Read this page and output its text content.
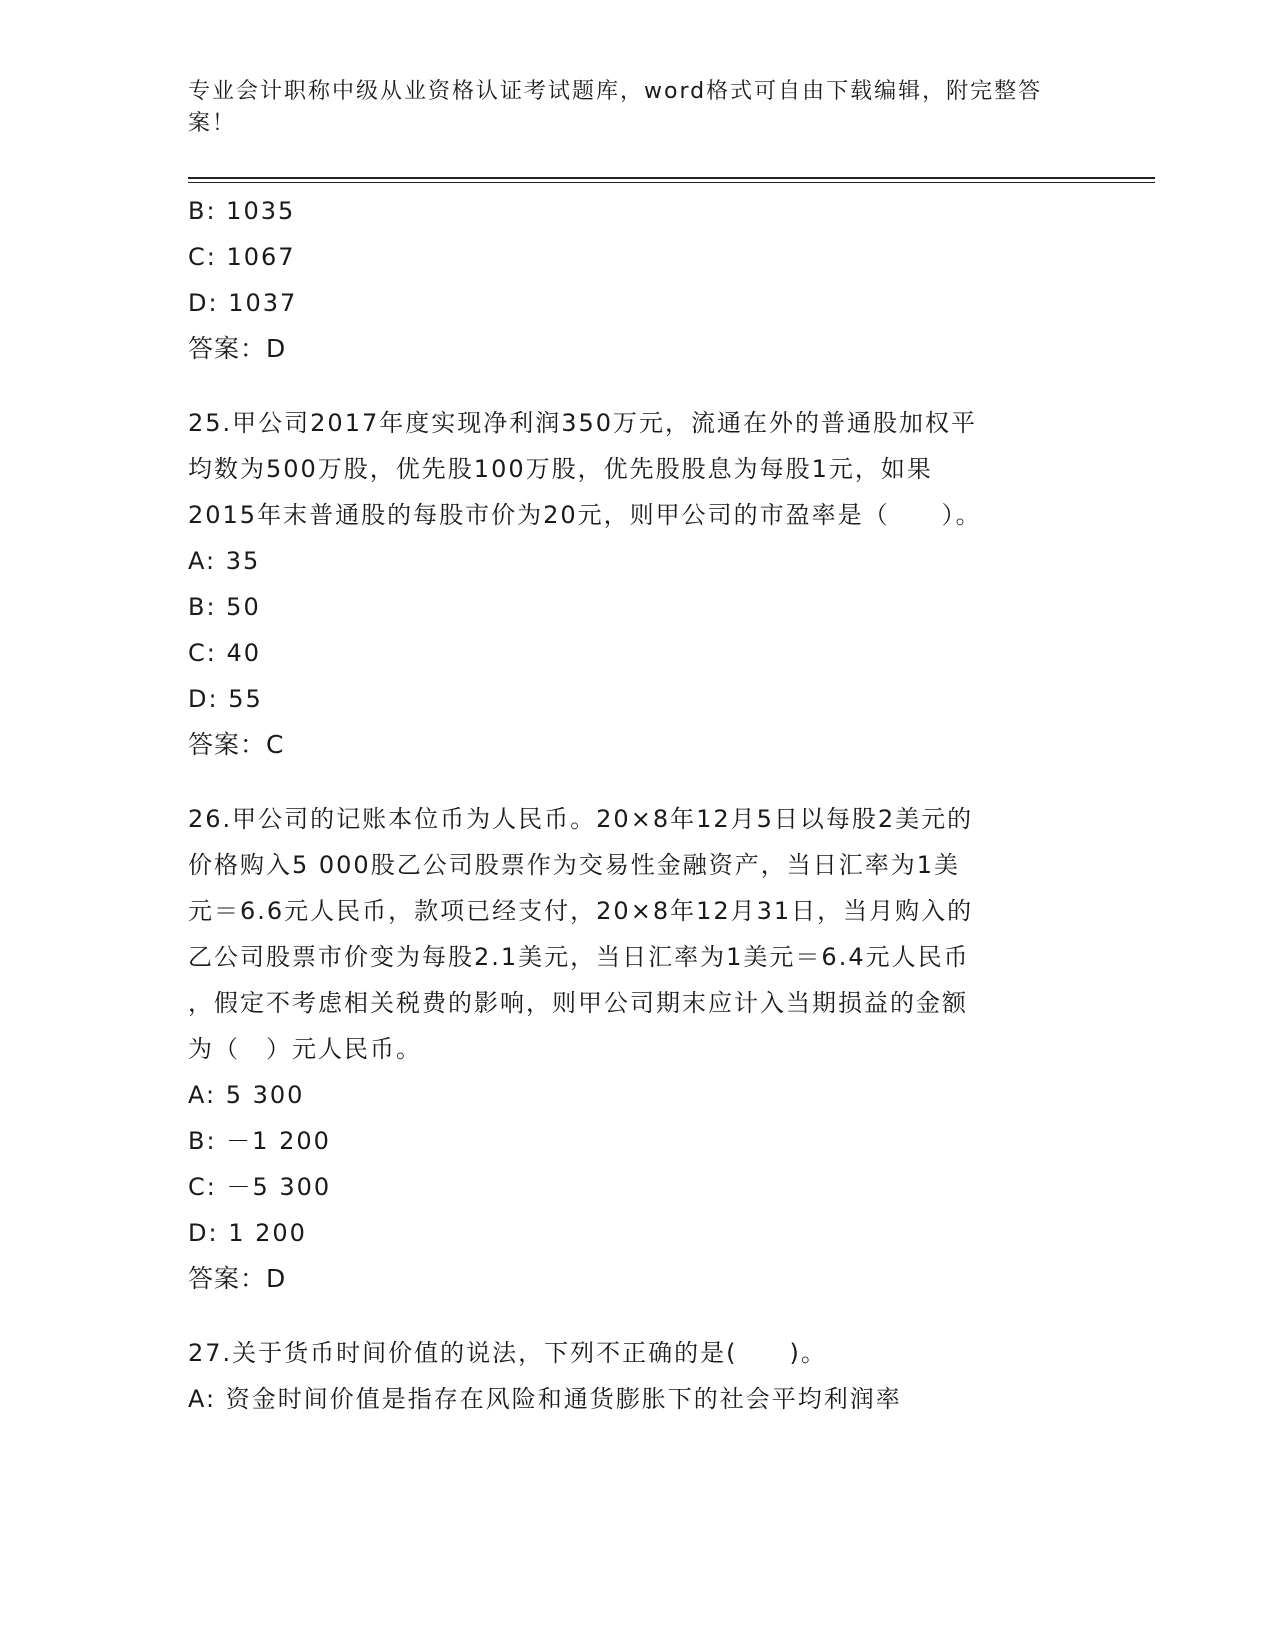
专业会计职称中级从业资格认证考试题库，word格式可自由下载编辑，附完整答
案！
B: 1035
C: 1067
D: 1037
答案：D
25.甲公司2017年度实现净利润350万元，流通在外的普通股加权平
均数为500万股，优先股100万股，优先股股息为每股1元，如果
2015年末普通股的每股市价为20元，则甲公司的市盈率是（　　）。
A: 35
B: 50
C: 40
D: 55
答案：C
26.甲公司的记账本位币为人民币。20×8年12月5日以每股2美元的
价格购入5 000股乙公司股票作为交易性金融资产，当日汇率为1美
元＝6.6元人民币，款项已经支付，20×8年12月31日，当月购入的
乙公司股票市价变为每股2.1美元，当日汇率为1美元＝6.4元人民币
，假定不考虑相关税费的影响，则甲公司期末应计入当期损益的金额
为（　）元人民币。
A: 5 300
B: －1 200
C: －5 300
D: 1 200
答案：D
27.关于货币时间价值的说法，下列不正确的是(　　)。
A: 资金时间价值是指存在风险和通货膨胀下的社会平均利润率
